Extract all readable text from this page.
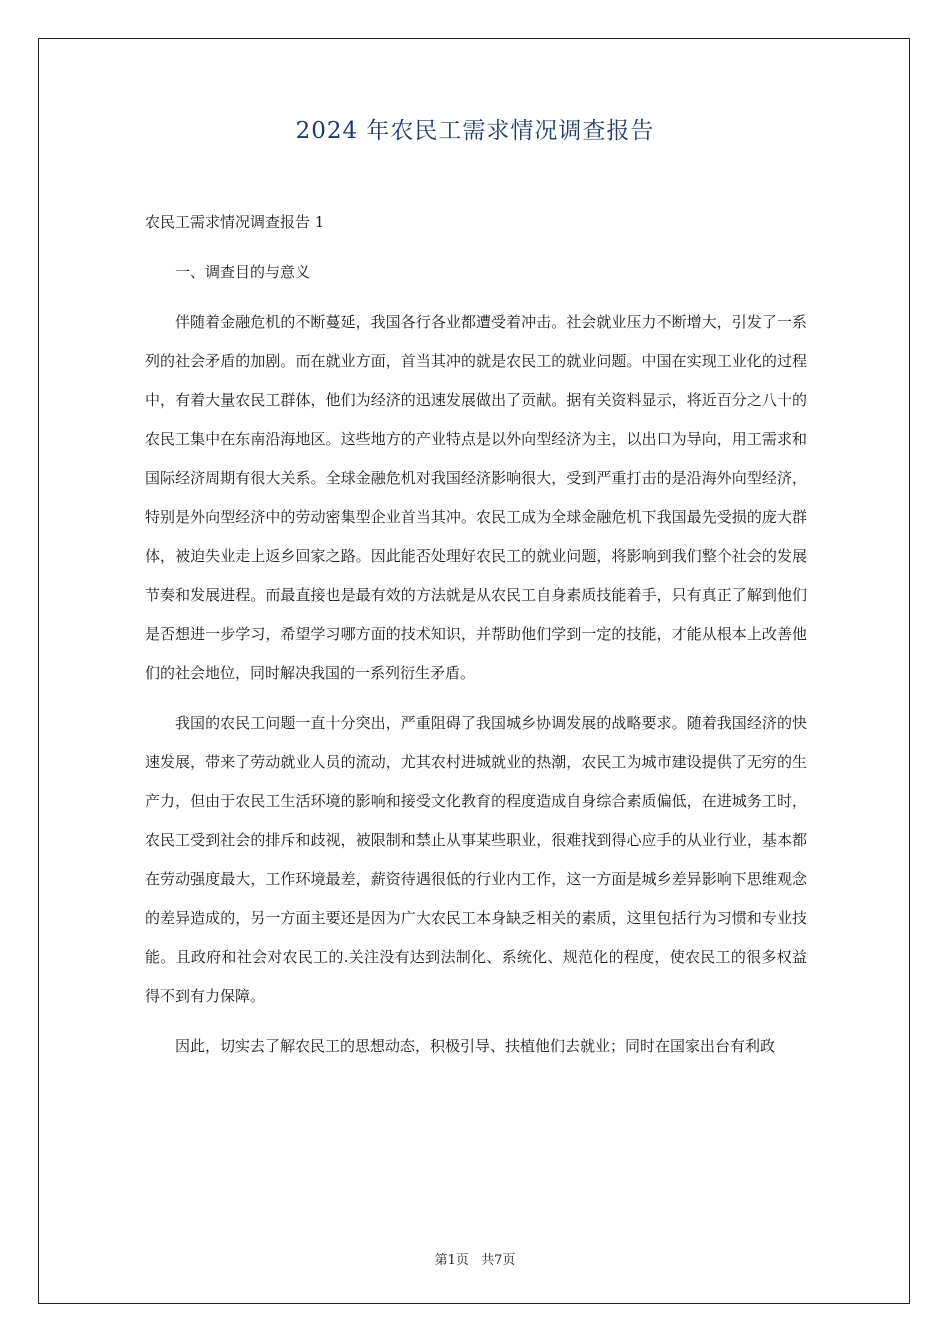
2024 年农民工需求情况调查报告

农民工需求情况调查报告 1

一、调查目的与意义

伴随着金融危机的不断蔓延，我国各行各业都遭受着冲击。社会就业压力不断增大，引发了一系列的社会矛盾的加剧。而在就业方面，首当其冲的就是农民工的就业问题。中国在实现工业化的过程中，有着大量农民工群体，他们为经济的迅速发展做出了贡献。据有关资料显示，将近百分之八十的农民工集中在东南沿海地区。这些地方的产业特点是以外向型经济为主，以出口为导向，用工需求和国际经济周期有很大关系。全球金融危机对我国经济影响很大，受到严重打击的是沿海外向型经济，特别是外向型经济中的劳动密集型企业首当其冲。农民工成为全球金融危机下我国最先受损的庞大群体，被迫失业走上返乡回家之路。因此能否处理好农民工的就业问题，将影响到我们整个社会的发展节奏和发展进程。而最直接也是最有效的方法就是从农民工自身素质技能着手，只有真正了解到他们是否想进一步学习，希望学习哪方面的技术知识，并帮助他们学到一定的技能，才能从根本上改善他们的社会地位，同时解决我国的一系列衍生矛盾。

我国的农民工问题一直十分突出，严重阻碍了我国城乡协调发展的战略要求。随着我国经济的快速发展，带来了劳动就业人员的流动，尤其农村进城就业的热潮，农民工为城市建设提供了无穷的生产力，但由于农民工生活环境的影响和接受文化教育的程度造成自身综合素质偏低，在进城务工时，农民工受到社会的排斥和歧视，被限制和禁止从事某些职业，很难找到得心应手的从业行业，基本都在劳动强度最大，工作环境最差，薪资待遇很低的行业内工作，这一方面是城乡差异影响下思维观念的差异造成的，另一方面主要还是因为广大农民工本身缺乏相关的素质，这里包括行为习惯和专业技能。且政府和社会对农民工的.关注没有达到法制化、系统化、规范化的程度，使农民工的很多权益得不到有力保障。

因此，切实去了解农民工的思想动态，积极引导、扶植他们去就业；同时在国家出台有利政

第1页 共7页
